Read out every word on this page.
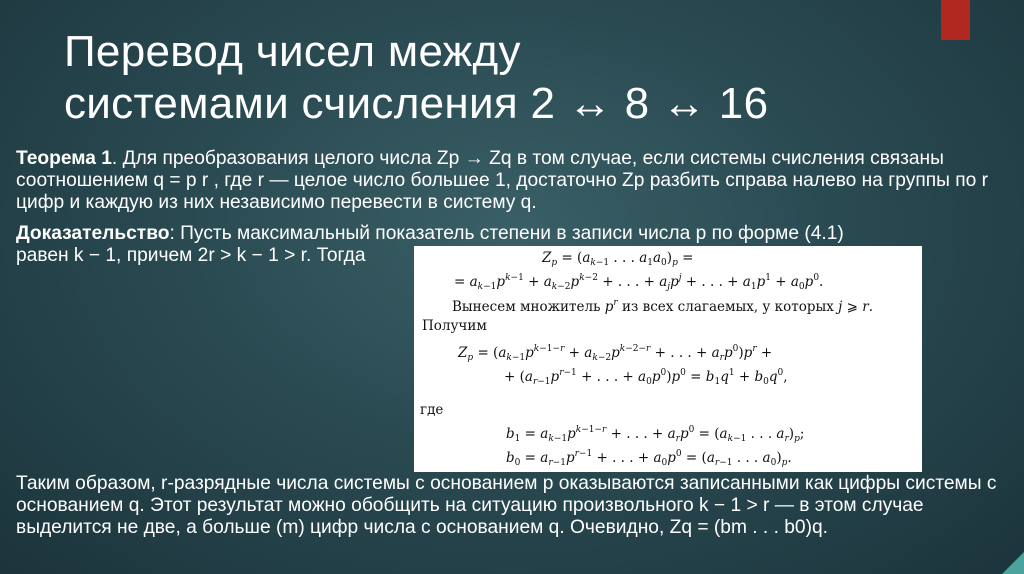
Перевод чисел между
системами счисления 2 ↔ 8 ↔ 16
Теорема 1. Для преобразования целого числа Zp → Zq в том случае, если системы счисления связаны соотношением q = p r , где r — целое число большее 1, достаточно Zp разбить справа налево на группы по r цифр и каждую из них независимо перевести в систему q.
Доказательство: Пусть максимальный показатель степени в записи числа p по форме (4.1)
равен k − 1, причем 2r > k − 1 > r. Тогда	$Z_p = (a_{k-1}$ . . . $a_1a_0)_p$ =
= $a_{k-1}p^{k-1} + a_{k-2}p^{k-2}$ + . . . + $a_jp^j$ + . . . + $a_1p^1 + a_0p^0$.
Вынесем множитель $p^r$ из всех слагаемых, у которых j ⩾ r.
Получим
$Z_p = (a_{k-1}p^{k-1-r} + a_{k-2}p^{k-2-r}$ + . . . + $a_rp^0)p^r$ +
+ ($a_{r-1}p^{r-1}$ + . . . + $a_0p^0)p^0 = b_1q^1 + b_0q^0$,
где
$b_1 = a_{k-1}p^{k-1-r}$ + . . . + $a_rp^0 = (a_{k-1}$ . . . $a_r)_p$;
$b_0 = a_{r-1}p^{r-1}$ + . . . + $a_0p^0 = (a_{r-1}$ . . . $a_0)_p$.
Таким образом, r-разрядные числа системы с основанием p оказываются записанными как цифры системы с основанием q. Этот результат можно обобщить на ситуацию произвольного k − 1 > r — в этом случае выделится не две, а больше (m) цифр числа с основанием q. Очевидно, Zq = (bm . . . b0)q.
